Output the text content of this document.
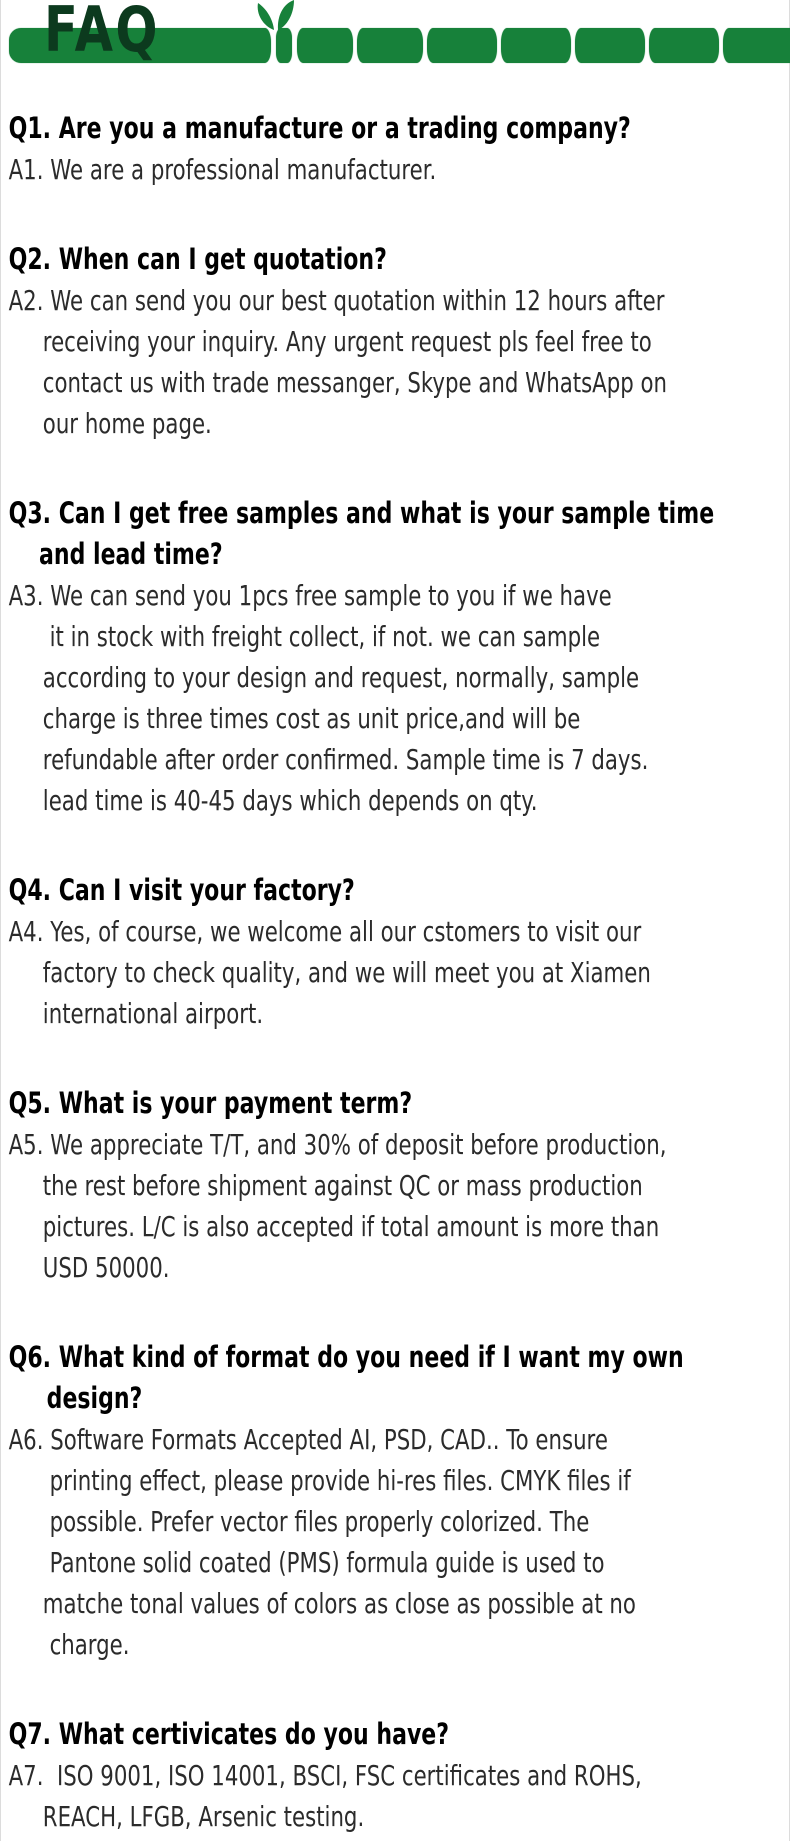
FAQ
Q1. Are you a manufacture or a trading company?

A1. We are a professional manufacturer.

Q2. When can I get quotation?

A2. We can send you our best quotation within 12 hours after
receiving your inquiry. Any urgent request pls feel free to
contact us with trade messanger, Skype and WhatsApp on
our home page.

Q3. Can I get free samples and what is your sample time
and lead time?

A3. We can send you 1pcs free sample to you if we have
it in stock with freight collect, if not. we can sample
according to your design and request, normally, sample
charge is three times cost as unit price,and will be
refundable after order confirmed. Sample time is 7 days.
lead time is 40-45 days which depends on qty.

Q4. Can I visit your factory?

A4. Yes, of course, we welcome all our cstomers to visit our
factory to check quality, and we will meet you at Xiamen
international airport.

Q5. What is your payment term?

A5. We appreciate T/T, and 30% of deposit before production,
the rest before shipment against QC or mass production
pictures. L/C is also accepted if total amount is more than
USD 50000.

Q6. What kind of format do you need if I want my own
design?

A6. Software Formats Accepted AI, PSD, CAD.. To ensure
printing effect, please provide hi-res files. CMYK files if
possible. Prefer vector files properly colorized. The
Pantone solid coated (PMS) formula guide is used to
matche tonal values of colors as close as possible at no
charge.

Q7. What certivicates do you have?

A7.  ISO 9001, ISO 14001, BSCI, FSC certificates and ROHS,
REACH, LFGB, Arsenic testing.
